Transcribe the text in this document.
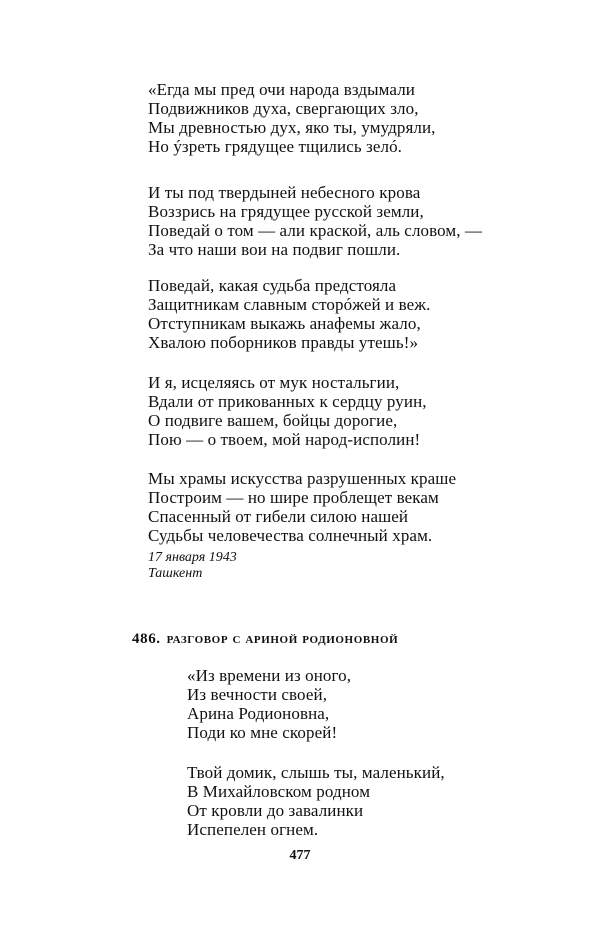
«Егда мы пред очи народа вздымали
Подвижников духа, свергающих зло,
Мы древностью дух, яко ты, умудряли,
Но ýзреть грядущее тщились зелó.
И ты под твердыней небесного крова
Воззрись на грядущее русской земли,
Поведай о том — али краской, аль словом, —
За что наши вои на подвиг пошли.
Поведай, какая судьба предстояла
Защитникам славным сторóжей и веж.
Отступникам выкажь анафемы жало,
Хвалою поборников правды утешь!»
И я, исцеляясь от мук ностальгии,
Вдали от прикованных к сердцу руин,
О подвиге вашем, бойцы дорогие,
Пою — о твоем, мой народ-исполин!
Мы храмы искусства разрушенных краше
Построим — но шире проблещет векам
Спасенный от гибели силою нашей
Судьбы человечества солнечный храм.
17 января 1943
Ташкент
486. разговор с ариной родионовной
«Из времени из оного,
Из вечности своей,
Арина Родионовна,
Поди ко мне скорей!
Твой домик, слышь ты, маленький,
В Михайловском родном
От кровли до завалинки
Испепелен огнем.
477
